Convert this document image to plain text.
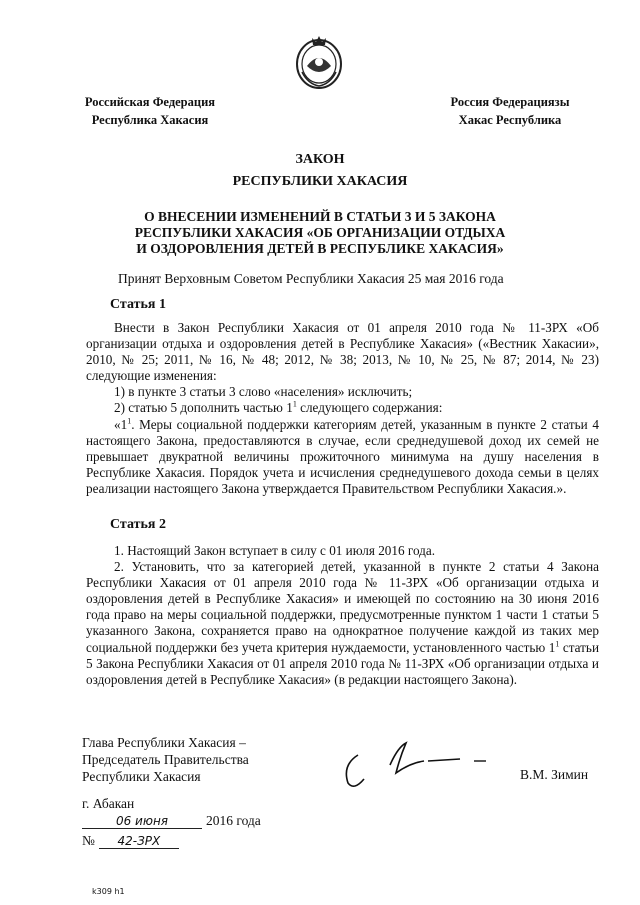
Российская Федерация
Республика Хакасия
Россия Федерациязы
Хакас Республика
ЗАКОН
РЕСПУБЛИКИ ХАКАСИЯ
О ВНЕСЕНИИ ИЗМЕНЕНИЙ В СТАТЬИ 3 И 5 ЗАКОНА
РЕСПУБЛИКИ ХАКАСИЯ «ОБ ОРГАНИЗАЦИИ ОТДЫХА
И ОЗДОРОВЛЕНИЯ ДЕТЕЙ В РЕСПУБЛИКЕ ХАКАСИЯ»
Принят Верховным Советом Республики Хакасия 25 мая 2016 года
Статья 1

Внести в Закон Республики Хакасия от 01 апреля 2010 года № 11-ЗРХ «Об организации отдыха и оздоровления детей в Республике Хакасия» («Вестник Хакасии», 2010, № 25; 2011, № 16, № 48; 2012, № 38; 2013, № 10, № 25, № 87; 2014, № 23) следующие изменения:

1) в пункте 3 статьи 3 слово «населения» исключить;

2) статью 5 дополнить частью $1^1$ следующего содержания:

«$1^1$. Меры социальной поддержки категориям детей, указанным в пункте 2 статьи 4 настоящего Закона, предоставляются в случае, если среднедушевой доход их семей не превышает двукратной величины прожиточного минимума на душу населения в Республике Хакасия. Порядок учета и исчисления среднедушевого дохода семьи в целях реализации настоящего Закона утверждается Правительством Республики Хакасия.».

Статья 2

1. Настоящий Закон вступает в силу с 01 июля 2016 года.

2. Установить, что за категорией детей, указанной в пункте 2 статьи 4 Закона Республики Хакасия от 01 апреля 2010 года № 11-ЗРХ «Об организации отдыха и оздоровления детей в Республике Хакасия» и имеющей по состоянию на 30 июня 2016 года право на меры социальной поддержки, предусмотренные пунктом 1 части 1 статьи 5 указанного Закона, сохраняется право на однократное получение каждой из таких мер социальной поддержки без учета критерия нуждаемости, установленного частью $1^1$ статьи 5 Закона Республики Хакасия от 01 апреля 2010 года № 11-ЗРХ «Об организации отдыха и оздоровления детей в Республике Хакасия» (в редакции настоящего Закона).

Глава Республики Хакасия –
Председатель Правительства
Республики Хакасия	В.М. Зимин
г. Абакан
06 июня	2016 года
№ 42-ЗРХ
k309 h1
